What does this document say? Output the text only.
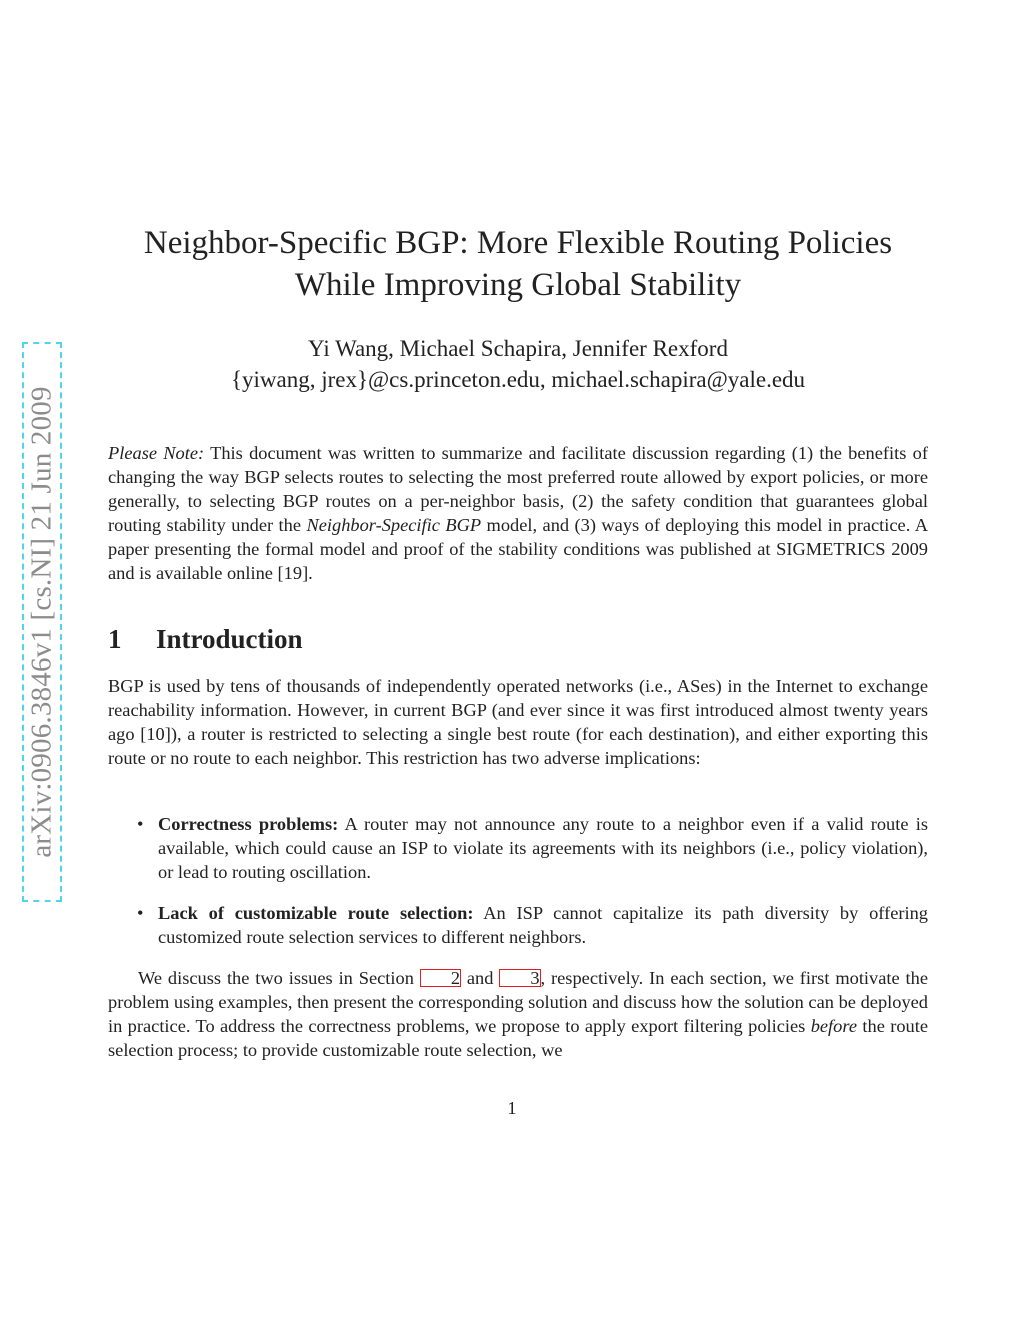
arXiv:0906.3846v1 [cs.NI] 21 Jun 2009
Neighbor-Specific BGP: More Flexible Routing Policies
While Improving Global Stability
Yi Wang, Michael Schapira, Jennifer Rexford
{yiwang, jrex}@cs.princeton.edu, michael.schapira@yale.edu
Please Note: This document was written to summarize and facilitate discussion regarding (1) the benefits of changing the way BGP selects routes to selecting the most preferred route allowed by export policies, or more generally, to selecting BGP routes on a per-neighbor basis, (2) the safety condition that guarantees global routing stability under the Neighbor-Specific BGP model, and (3) ways of deploying this model in practice. A paper presenting the formal model and proof of the stability conditions was published at SIGMETRICS 2009 and is available online [19].
1 Introduction
BGP is used by tens of thousands of independently operated networks (i.e., ASes) in the Internet to exchange reachability information. However, in current BGP (and ever since it was first introduced almost twenty years ago [10]), a router is restricted to selecting a single best route (for each destination), and either exporting this route or no route to each neighbor. This restriction has two adverse implications:
• Correctness problems: A router may not announce any route to a neighbor even if a valid route is available, which could cause an ISP to violate its agreements with its neighbors (i.e., policy violation), or lead to routing oscillation.
• Lack of customizable route selection: An ISP cannot capitalize its path diversity by offering customized route selection services to different neighbors.
We discuss the two issues in Section 2 and 3, respectively. In each section, we first motivate the problem using examples, then present the corresponding solution and discuss how the solution can be deployed in practice. To address the correctness problems, we propose to apply export filtering policies before the route selection process; to provide customizable route selection, we
1
